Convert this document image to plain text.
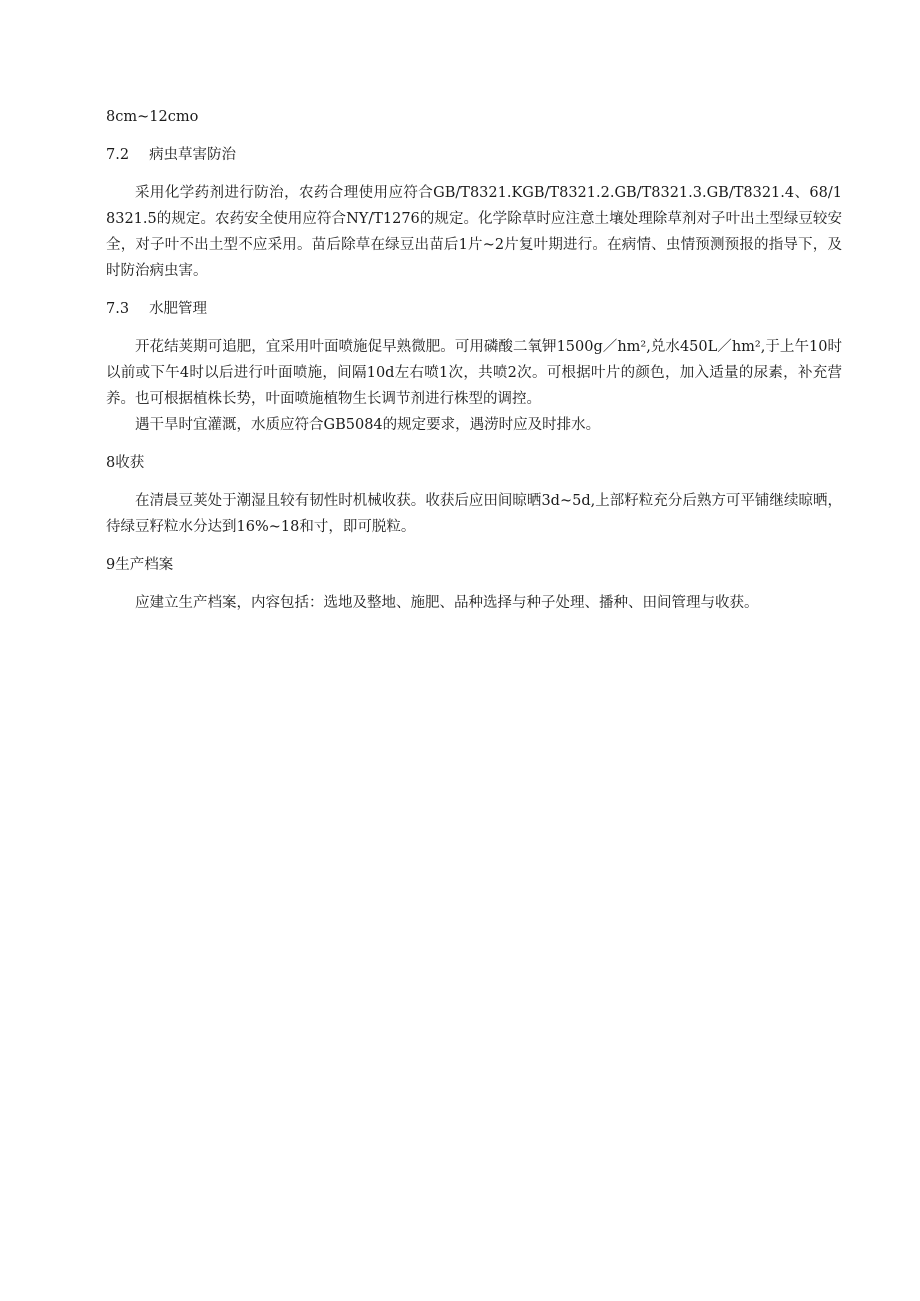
8cm~12cmo

7.2 病虫草害防治

采用化学药剂进行防治，农药合理使用应符合GB/T8321.KGB/T8321.2.GB/T8321.3.GB/T8321.4、68/18321.5的规定。农药安全使用应符合NY/T1276的规定。化学除草时应注意土壤处理除草剂对子叶出土型绿豆较安全，对子叶不出土型不应采用。苗后除草在绿豆出苗后1片~2片复叶期进行。在病情、虫情预测预报的指导下，及时防治病虫害。

7.3 水肥管理

开花结荚期可追肥，宜采用叶面喷施促早熟微肥。可用磷酸二氧钾1500g／hm²,兑水450L／hm²,于上午10时以前或下午4时以后进行叶面喷施，间隔10d左右喷1次，共喷2次。可根据叶片的颜色，加入适量的尿素，补充营养。也可根据植株长势，叶面喷施植物生长调节剂进行株型的调控。

遇干旱时宜灌溉，水质应符合GB5084的规定要求，遇涝时应及时排水。

8收获

在清晨豆荚处于潮湿且较有韧性时机械收获。收获后应田间晾晒3d~5d,上部籽粒充分后熟方可平铺继续晾晒，待绿豆籽粒水分达到16%~18和寸，即可脱粒。

9生产档案

应建立生产档案，内容包括：选地及整地、施肥、品种选择与种子处理、播种、田间管理与收获。
